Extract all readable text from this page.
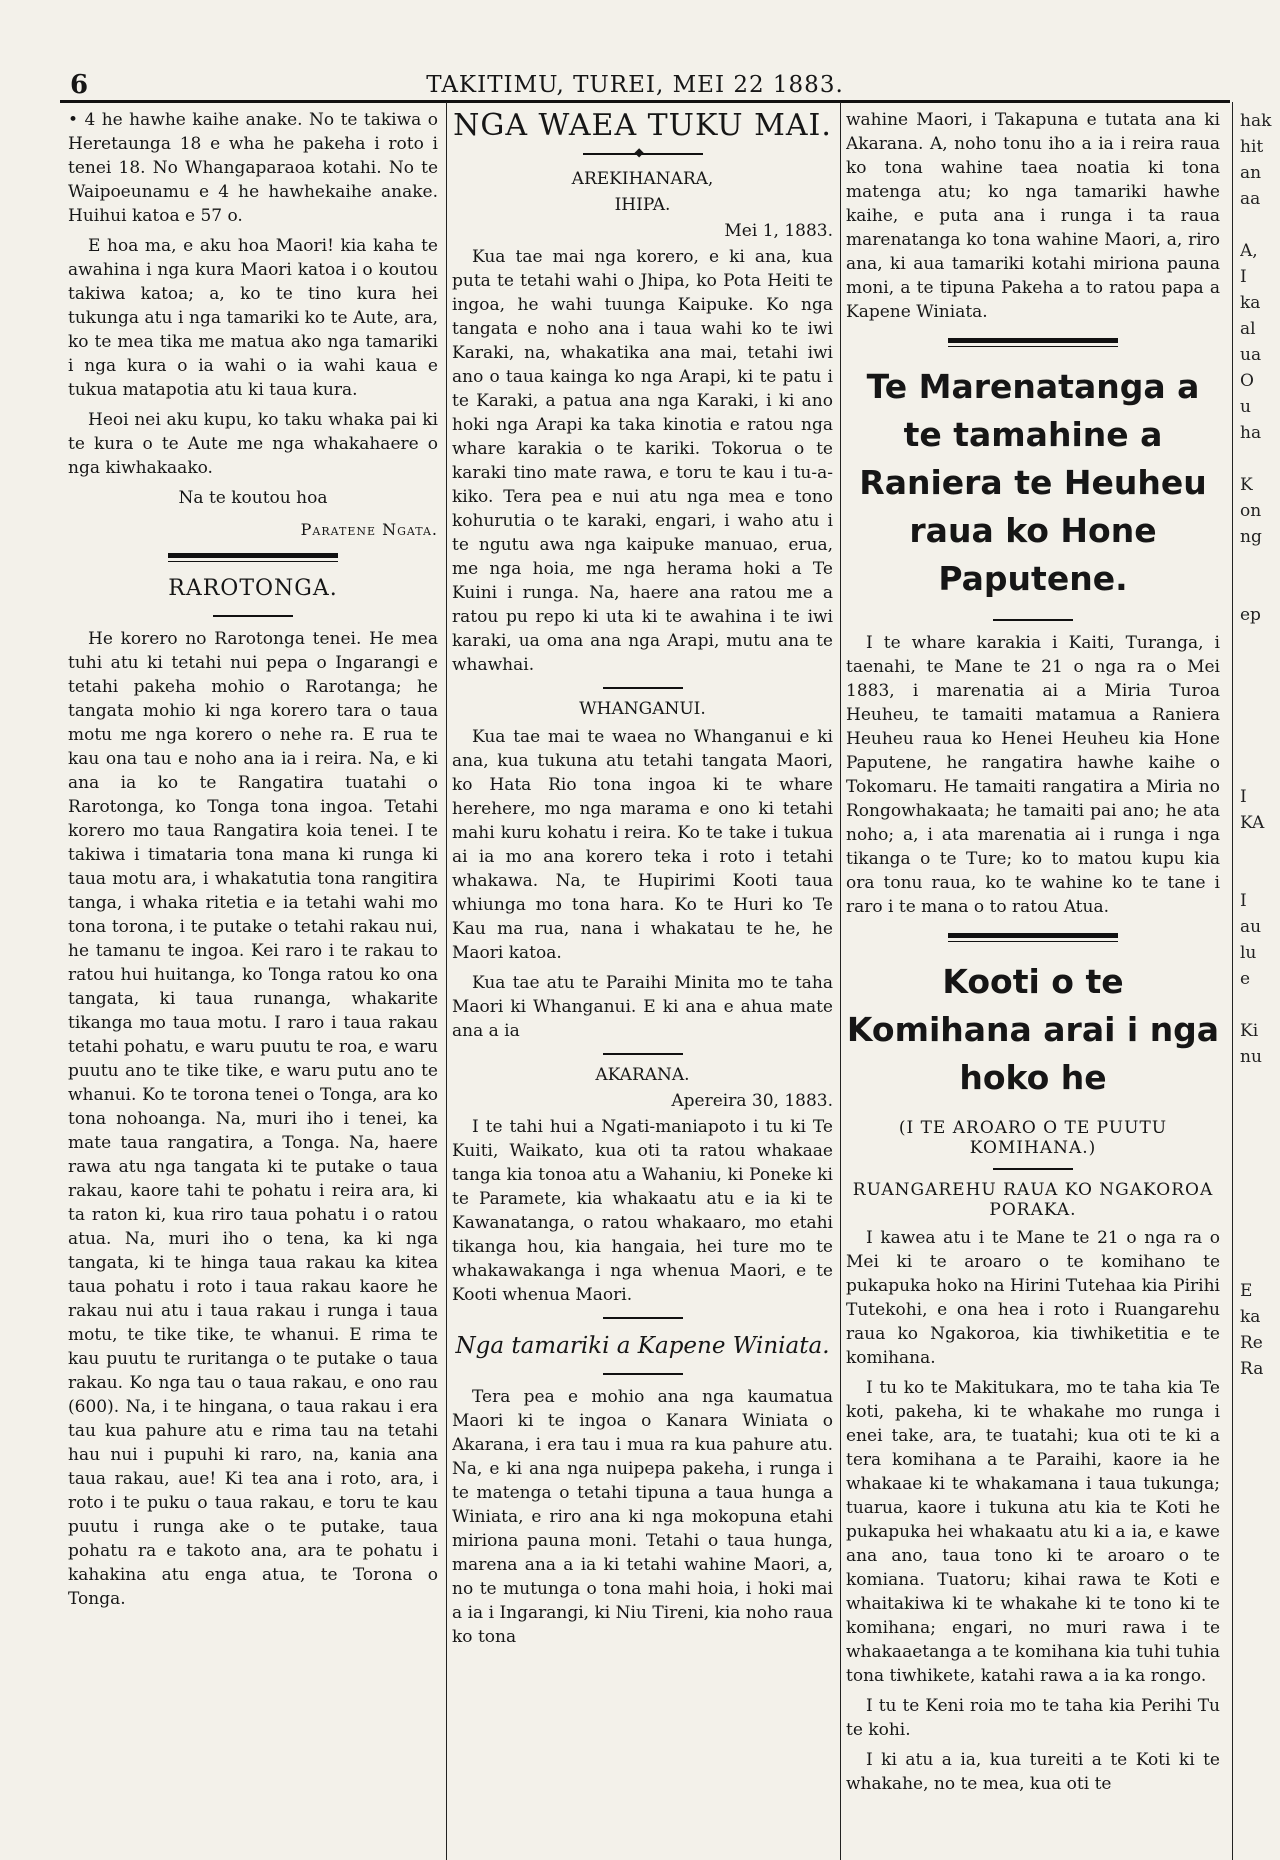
6	TAKITIMU, TUREI, MEI 22 1883.

• 4 he hawhe kaihe anake. No te takiwa o Heretaunga 18 e wha he pakeha i roto i tenei 18. No Whangaparaoa kotahi. No te Waipoeunamu e 4 he hawhekaihe anake. Huihui katoa e 57 o.

E hoa ma, e aku hoa Maori! kia kaha te awahina i nga kura Maori katoa i o koutou takiwa katoa; a, ko te tino kura hei tukunga atu i nga tamariki ko te Aute, ara, ko te mea tika me matua ako nga tamariki i nga kura o ia wahi o ia wahi kaua e tukua matapotia atu ki taua kura.

Heoi nei aku kupu, ko taku whaka pai ki te kura o te Aute me nga whakahaere o nga kiwhakaako.

Na te koutou hoa

Paratene Ngata.
RAROTONGA.

He korero no Rarotonga tenei. He mea tuhi atu ki tetahi nui pepa o Ingarangi e tetahi pakeha mohio o Rarotanga; he tangata mohio ki nga korero tara o taua motu me nga korero o nehe ra. E rua te kau ona tau e noho ana ia i reira. Na, e ki ana ia ko te Rangatira tuatahi o Rarotonga, ko Tonga tona ingoa. Tetahi korero mo taua Rangatira koia tenei. I te takiwa i timataria tona mana ki runga ki taua motu ara, i whakatutia tona rangitira tanga, i whaka ritetia e ia tetahi wahi mo tona torona, i te putake o tetahi rakau nui, he tamanu te ingoa. Kei raro i te rakau to ratou hui huitanga, ko Tonga ratou ko ona tangata, ki taua runanga, whakarite tikanga mo taua motu. I raro i taua rakau tetahi pohatu, e waru puutu te roa, e waru puutu ano te tike tike, e waru putu ano te whanui. Ko te torona tenei o Tonga, ara ko tona nohoanga. Na, muri iho i tenei, ka mate taua rangatira, a Tonga. Na, haere rawa atu nga tangata ki te putake o taua rakau, kaore tahi te pohatu i reira ara, ki ta raton ki, kua riro taua pohatu i o ratou atua. Na, muri iho o tena, ka ki nga tangata, ki te hinga taua rakau ka kitea taua pohatu i roto i taua rakau kaore he rakau nui atu i taua rakau i runga i taua motu, te tike tike, te whanui. E rima te kau puutu te ruritanga o te putake o taua rakau. Ko nga tau o taua rakau, e ono rau (600). Na, i te hingana, o taua rakau i era tau kua pahure atu e rima tau na tetahi hau nui i pupuhi ki raro, na, kania ana taua rakau, aue! Ki tea ana i roto, ara, i roto i te puku o taua rakau, e toru te kau puutu i runga ake o te putake, taua pohatu ra e takoto ana, ara te pohatu i kahakina atu enga atua, te Torona o Tonga.

NGA WAEA TUKU MAI.
◆
AREKIHANARA,
IHIPA.
Mei 1, 1883.

Kua tae mai nga korero, e ki ana, kua puta te tetahi wahi o Jhipa, ko Pota Heiti te ingoa, he wahi tuunga Kaipuke. Ko nga tangata e noho ana i taua wahi ko te iwi Karaki, na, whakatika ana mai, tetahi iwi ano o taua kainga ko nga Arapi, ki te patu i te Karaki, a patua ana nga Karaki, i ki ano hoki nga Arapi ka taka kinotia e ratou nga whare karakia o te kariki. Tokorua o te karaki tino mate rawa, e toru te kau i tu-a-kiko. Tera pea e nui atu nga mea e tono kohurutia o te karaki, engari, i waho atu i te ngutu awa nga kaipuke manuao, erua, me nga hoia, me nga herama hoki a Te Kuini i runga. Na, haere ana ratou me a ratou pu repo ki uta ki te awahina i te iwi karaki, ua oma ana nga Arapi, mutu ana te whawhai.

WHANGANUI.

Kua tae mai te waea no Whanganui e ki ana, kua tukuna atu tetahi tangata Maori, ko Hata Rio tona ingoa ki te whare herehere, mo nga marama e ono ki tetahi mahi kuru kohatu i reira. Ko te take i tukua ai ia mo ana korero teka i roto i tetahi whakawa. Na, te Hupirimi Kooti taua whiunga mo tona hara. Ko te Huri ko Te Kau ma rua, nana i whakatau te he, he Maori katoa.

Kua tae atu te Paraihi Minita mo te taha Maori ki Whanganui. E ki ana e ahua mate ana a ia

AKARANA.
Apereira 30, 1883.

I te tahi hui a Ngati-maniapoto i tu ki Te Kuiti, Waikato, kua oti ta ratou whakaae tanga kia tonoa atu a Wahaniu, ki Poneke ki te Paramete, kia whakaatu atu e ia ki te Kawanatanga, o ratou whakaaro, mo etahi tikanga hou, kia hangaia, hei ture mo te whakawakanga i nga whenua Maori, e te Kooti whenua Maori.

Nga tamariki a Kapene Winiata.

Tera pea e mohio ana nga kaumatua Maori ki te ingoa o Kanara Winiata o Akarana, i era tau i mua ra kua pahure atu. Na, e ki ana nga nuipepa pakeha, i runga i te matenga o tetahi tipuna a taua hunga a Winiata, e riro ana ki nga mokopuna etahi miriona pauna moni. Tetahi o taua hunga, marena ana a ia ki tetahi wahine Maori, a, no te mutunga o tona mahi hoia, i hoki mai a ia i Ingarangi, ki Niu Tireni, kia noho raua ko tona

wahine Maori, i Takapuna e tutata ana ki Akarana. A, noho tonu iho a ia i reira raua ko tona wahine taea noatia ki tona matenga atu; ko nga tamariki hawhe kaihe, e puta ana i runga i ta raua marenatanga ko tona wahine Maori, a, riro ana, ki aua tamariki kotahi miriona pauna moni, a te tipuna Pakeha a to ratou papa a Kapene Winiata.

Te Marenatanga a te tamahine a Raniera te Heuheu raua ko Hone Paputene.

I te whare karakia i Kaiti, Turanga, i taenahi, te Mane te 21 o nga ra o Mei 1883, i marenatia ai a Miria Turoa Heuheu, te tamaiti matamua a Raniera Heuheu raua ko Henei Heuheu kia Hone Paputene, he rangatira hawhe kaihe o Tokomaru. He tamaiti rangatira a Miria no Rongowhakaata; he tamaiti pai ano; he ata noho; a, i ata marenatia ai i runga i nga tikanga o te Ture; ko to matou kupu kia ora tonu raua, ko te wahine ko te tane i raro i te mana o to ratou Atua.

Kooti o te Komihana arai i nga hoko he
(I TE AROARO O TE PUUTU KOMIHANA.)
RUANGAREHU RAUA KO NGAKOROA PORAKA.

I kawea atu i te Mane te 21 o nga ra o Mei ki te aroaro o te komihano te pukapuka hoko na Hirini Tutehaa kia Pirihi Tutekohi, e ona hea i roto i Ruangarehu raua ko Ngakoroa, kia tiwhiketitia e te komihana.

I tu ko te Makitukara, mo te taha kia Te koti, pakeha, ki te whakahe mo runga i enei take, ara, te tuatahi; kua oti te ki a tera komihana a te Paraihi, kaore ia he whakaae ki te whakamana i taua tukunga; tuarua, kaore i tukuna atu kia te Koti he pukapuka hei whakaatu atu ki a ia, e kawe ana ano, taua tono ki te aroaro o te komiana. Tuatoru; kihai rawa te Koti e whaitakiwa ki te whakahe ki te tono ki te komihana; engari, no muri rawa i te whakaaetanga a te komihana kia tuhi tuhia tona tiwhikete, katahi rawa a ia ka rongo.

I tu te Keni roia mo te taha kia Perihi Tu te kohi.

I ki atu a ia, kua tureiti a te Koti ki te whakahe, no te mea, kua oti te

hak
hit
an
aa

A,
I
ka
al
ua
O
u
ha

K
on
ng

ep

I
KA

I
au
lu
e

Ki
nu

E
ka
Re
Ra
